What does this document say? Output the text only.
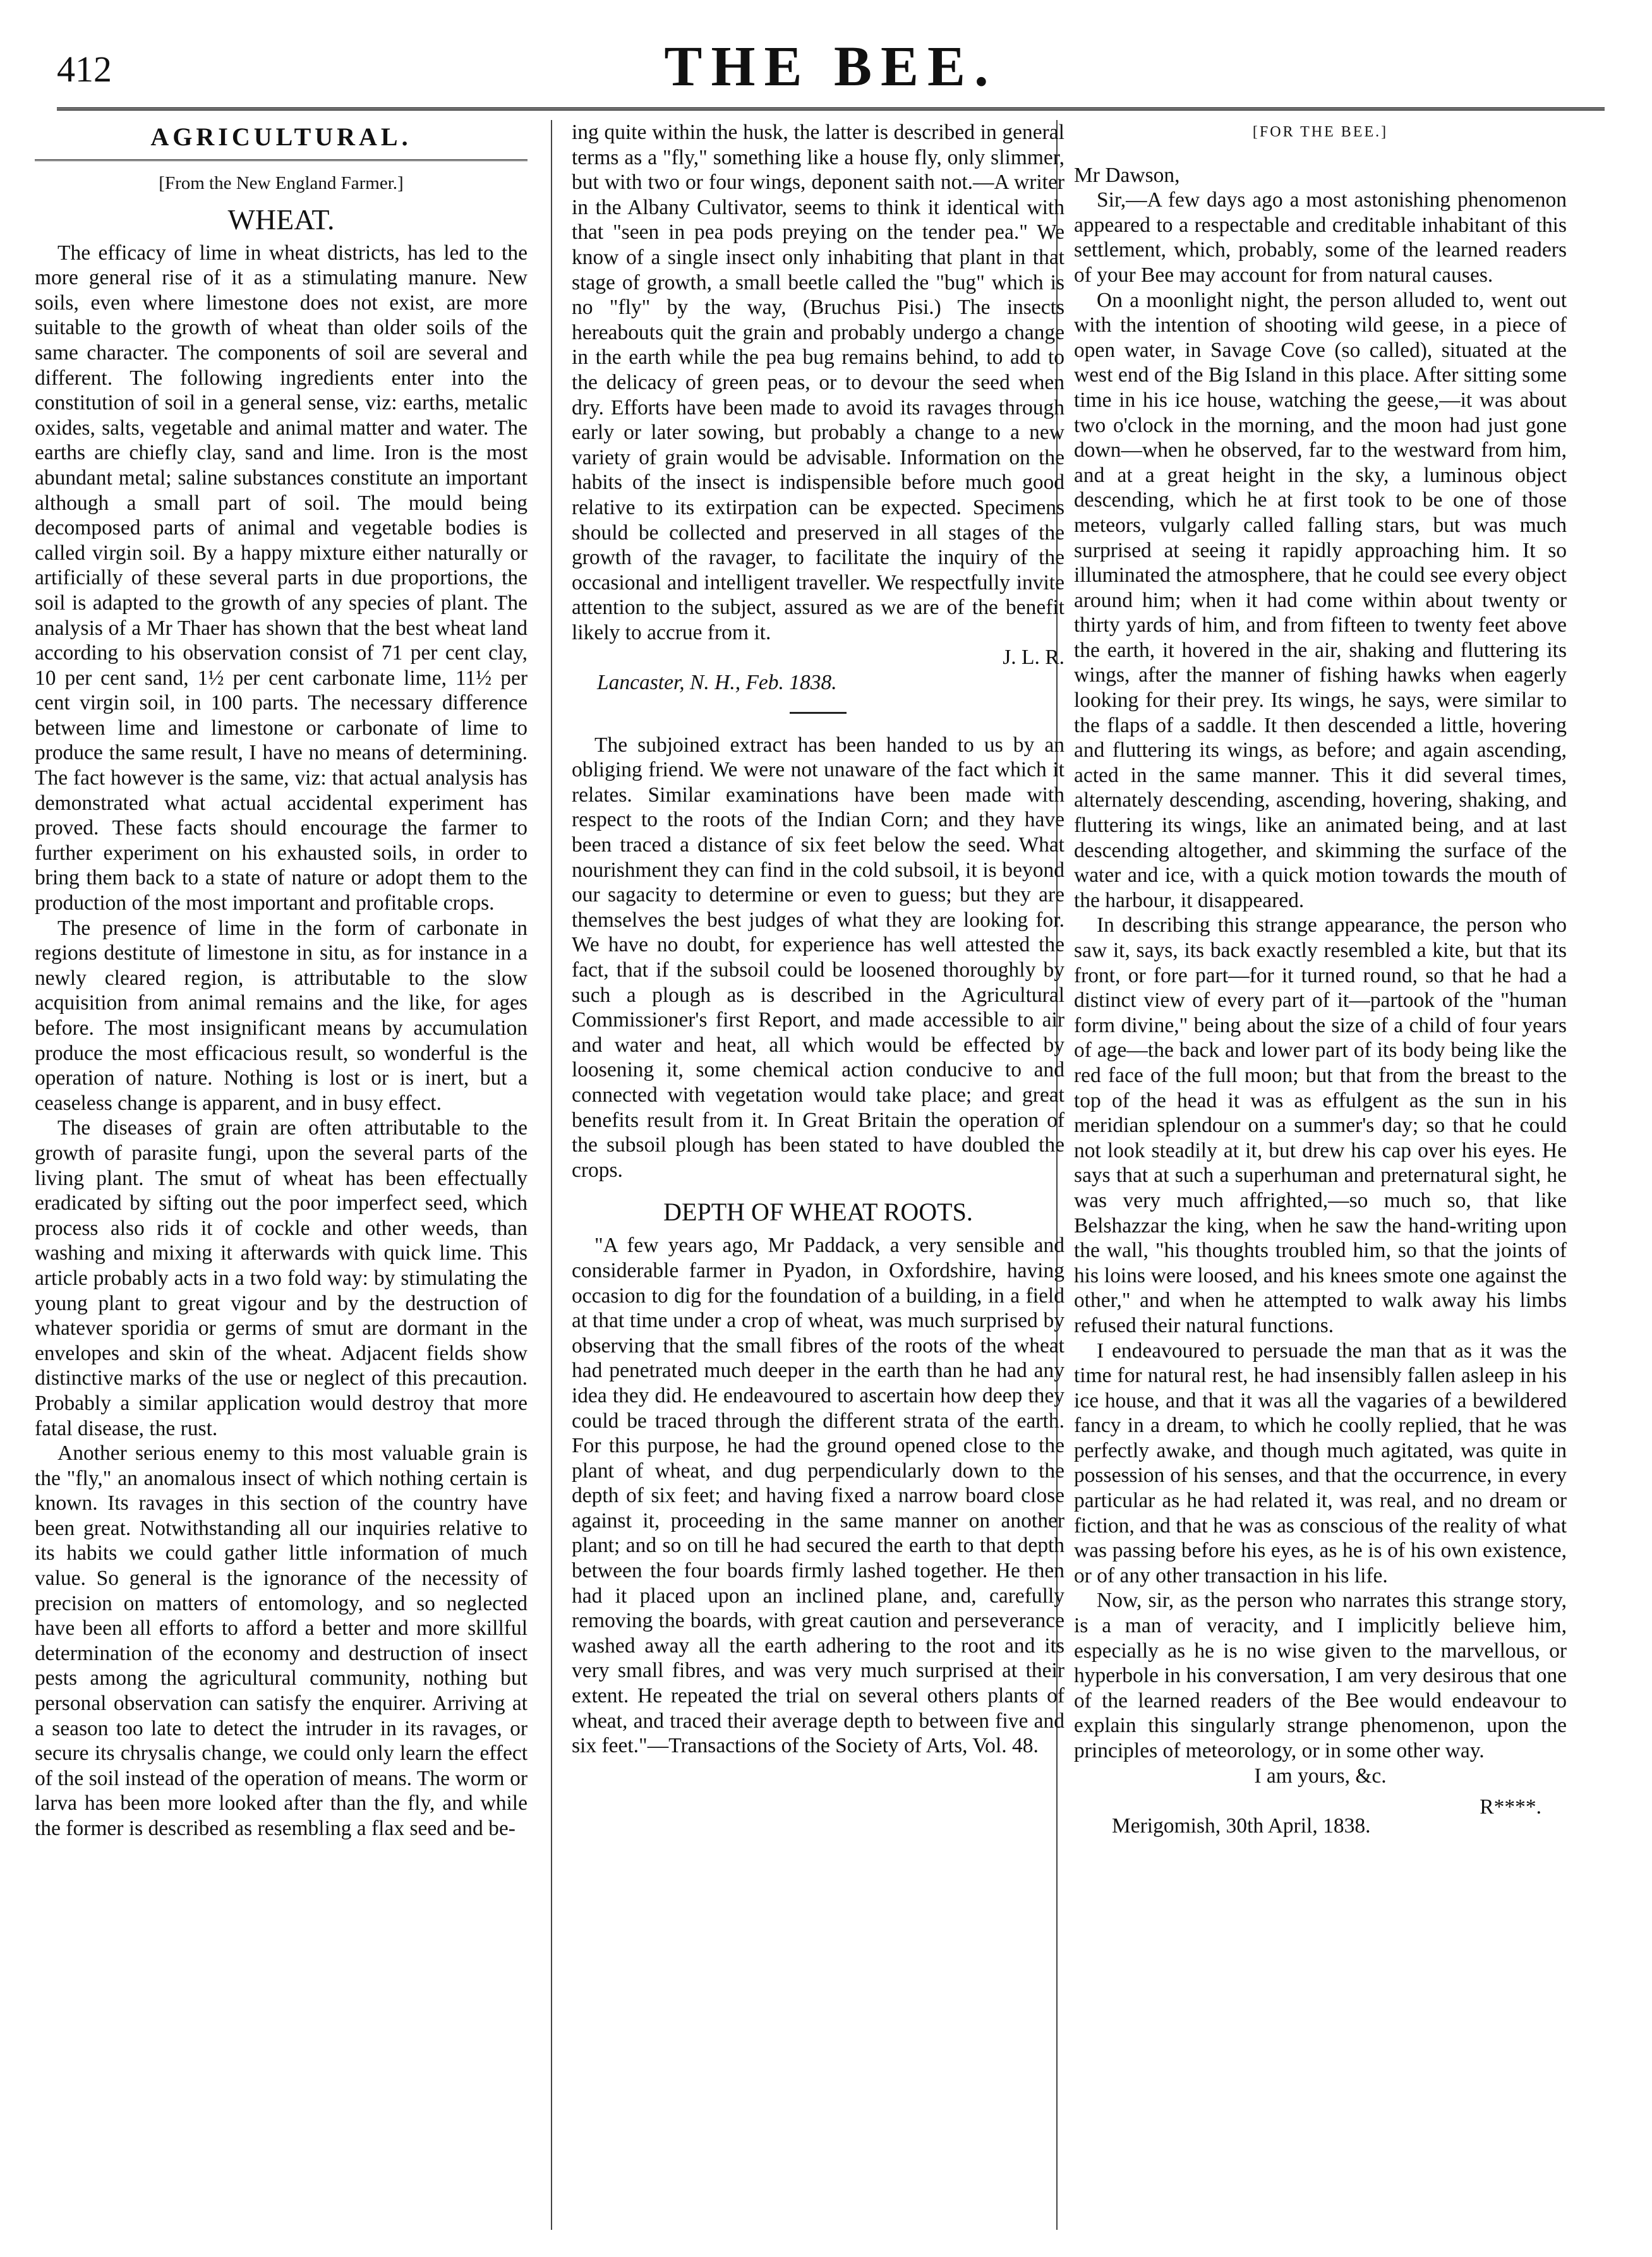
412	THE BEE.
AGRICULTURAL.
[From the New England Farmer.]
WHEAT.

The efficacy of lime in wheat districts, has led to the more general rise of it as a stimulating manure. New soils, even where limestone does not exist, are more suitable to the growth of wheat than older soils of the same character. The components of soil are several and different. The following ingredients enter into the constitution of soil in a general sense, viz: earths, metalic oxides, salts, vegetable and animal matter and water. The earths are chiefly clay, sand and lime. Iron is the most abundant metal; saline substances constitute an important although a small part of soil. The mould being decomposed parts of animal and vegetable bodies is called virgin soil. By a happy mixture either naturally or artificially of these several parts in due proportions, the soil is adapted to the growth of any species of plant. The analysis of a Mr Thaer has shown that the best wheat land according to his observation consist of 71 per cent clay, 10 per cent sand, 1½ per cent carbonate lime, 11½ per cent virgin soil, in 100 parts. The necessary difference between lime and limestone or carbonate of lime to produce the same result, I have no means of determining. The fact however is the same, viz: that actual analysis has demonstrated what actual accidental experiment has proved. These facts should encourage the farmer to further experiment on his exhausted soils, in order to bring them back to a state of nature or adopt them to the production of the most important and profitable crops.

The presence of lime in the form of carbonate in regions destitute of limestone in situ, as for instance in a newly cleared region, is attributable to the slow acquisition from animal remains and the like, for ages before. The most insignificant means by accumulation produce the most efficacious result, so wonderful is the operation of nature. Nothing is lost or is inert, but a ceaseless change is apparent, and in busy effect.

The diseases of grain are often attributable to the growth of parasite fungi, upon the several parts of the living plant. The smut of wheat has been effectually eradicated by sifting out the poor imperfect seed, which process also rids it of cockle and other weeds, than washing and mixing it afterwards with quick lime. This article probably acts in a two fold way: by stimulating the young plant to great vigour and by the destruction of whatever sporidia or germs of smut are dormant in the envelopes and skin of the wheat. Adjacent fields show distinctive marks of the use or neglect of this precaution. Probably a similar application would destroy that more fatal disease, the rust.

Another serious enemy to this most valuable grain is the "fly," an anomalous insect of which nothing certain is known. Its ravages in this section of the country have been great. Notwithstanding all our inquiries relative to its habits we could gather little information of much value. So general is the ignorance of the necessity of precision on matters of entomology, and so neglected have been all efforts to afford a better and more skillful determination of the economy and destruction of insect pests among the agricultural community, nothing but personal observation can satisfy the enquirer. Arriving at a season too late to detect the intruder in its ravages, or secure its chrysalis change, we could only learn the effect of the soil instead of the operation of means. The worm or larva has been more looked after than the fly, and while the former is described as resembling a flax seed and be-

ing quite within the husk, the latter is described in general terms as a "fly," something like a house fly, only slimmer, but with two or four wings, deponent saith not.—A writer in the Albany Cultivator, seems to think it identical with that "seen in pea pods preying on the tender pea." We know of a single insect only inhabiting that plant in that stage of growth, a small beetle called the "bug" which is no "fly" by the way, (Bruchus Pisi.) The insects hereabouts quit the grain and probably undergo a change in the earth while the pea bug remains behind, to add to the delicacy of green peas, or to devour the seed when dry. Efforts have been made to avoid its ravages through early or later sowing, but probably a change to a new variety of grain would be advisable. Information on the habits of the insect is indispensible before much good relative to its extirpation can be expected. Specimens should be collected and preserved in all stages of the growth of the ravager, to facilitate the inquiry of the occasional and intelligent traveller. We respectfully invite attention to the subject, assured as we are of the benefit likely to accrue from it.

J. L. R.

Lancaster, N. H., Feb. 1838.

The subjoined extract has been handed to us by an obliging friend. We were not unaware of the fact which it relates. Similar examinations have been made with respect to the roots of the Indian Corn; and they have been traced a distance of six feet below the seed. What nourishment they can find in the cold subsoil, it is beyond our sagacity to determine or even to guess; but they are themselves the best judges of what they are looking for. We have no doubt, for experience has well attested the fact, that if the subsoil could be loosened thoroughly by such a plough as is described in the Agricultural Commissioner's first Report, and made accessible to air and water and heat, all which would be effected by loosening it, some chemical action conducive to and connected with vegetation would take place; and great benefits result from it. In Great Britain the operation of the subsoil plough has been stated to have doubled the crops.

DEPTH OF WHEAT ROOTS.

"A few years ago, Mr Paddack, a very sensible and considerable farmer in Pyadon, in Oxfordshire, having occasion to dig for the foundation of a building, in a field at that time under a crop of wheat, was much surprised by observing that the small fibres of the roots of the wheat had penetrated much deeper in the earth than he had any idea they did. He endeavoured to ascertain how deep they could be traced through the different strata of the earth. For this purpose, he had the ground opened close to the plant of wheat, and dug perpendicularly down to the depth of six feet; and having fixed a narrow board close against it, proceeding in the same manner on another plant; and so on till he had secured the earth to that depth between the four boards firmly lashed together. He then had it placed upon an inclined plane, and, carefully removing the boards, with great caution and perseverance washed away all the earth adhering to the root and its very small fibres, and was very much surprised at their extent. He repeated the trial on several others plants of wheat, and traced their average depth to between five and six feet."—Transactions of the Society of Arts, Vol. 48.

[FOR THE BEE.]

Mr Dawson,

Sir,—A few days ago a most astonishing phenomenon appeared to a respectable and creditable inhabitant of this settlement, which, probably, some of the learned readers of your Bee may account for from natural causes.

On a moonlight night, the person alluded to, went out with the intention of shooting wild geese, in a piece of open water, in Savage Cove (so called), situated at the west end of the Big Island in this place. After sitting some time in his ice house, watching the geese,—it was about two o'clock in the morning, and the moon had just gone down—when he observed, far to the westward from him, and at a great height in the sky, a luminous object descending, which he at first took to be one of those meteors, vulgarly called falling stars, but was much surprised at seeing it rapidly approaching him. It so illuminated the atmosphere, that he could see every object around him; when it had come within about twenty or thirty yards of him, and from fifteen to twenty feet above the earth, it hovered in the air, shaking and fluttering its wings, after the manner of fishing hawks when eagerly looking for their prey. Its wings, he says, were similar to the flaps of a saddle. It then descended a little, hovering and fluttering its wings, as before; and again ascending, acted in the same manner. This it did several times, alternately descending, ascending, hovering, shaking, and fluttering its wings, like an animated being, and at last descending altogether, and skimming the surface of the water and ice, with a quick motion towards the mouth of the harbour, it disappeared.

In describing this strange appearance, the person who saw it, says, its back exactly resembled a kite, but that its front, or fore part—for it turned round, so that he had a distinct view of every part of it—partook of the "human form divine," being about the size of a child of four years of age—the back and lower part of its body being like the red face of the full moon; but that from the breast to the top of the head it was as effulgent as the sun in his meridian splendour on a summer's day; so that he could not look steadily at it, but drew his cap over his eyes. He says that at such a superhuman and preternatural sight, he was very much affrighted,—so much so, that like Belshazzar the king, when he saw the hand-writing upon the wall, "his thoughts troubled him, so that the joints of his loins were loosed, and his knees smote one against the other," and when he attempted to walk away his limbs refused their natural functions.

I endeavoured to persuade the man that as it was the time for natural rest, he had insensibly fallen asleep in his ice house, and that it was all the vagaries of a bewildered fancy in a dream, to which he coolly replied, that he was perfectly awake, and though much agitated, was quite in possession of his senses, and that the occurrence, in every particular as he had related it, was real, and no dream or fiction, and that he was as conscious of the reality of what was passing before his eyes, as he is of his own existence, or of any other transaction in his life.

Now, sir, as the person who narrates this strange story, is a man of veracity, and I implicitly believe him, especially as he is no wise given to the marvellous, or hyperbole in his conversation, I am very desirous that one of the learned readers of the Bee would endeavour to explain this singularly strange phenomenon, upon the principles of meteorology, or in some other way.

I am yours, &c.

R****.
Merigomish, 30th April, 1838.
